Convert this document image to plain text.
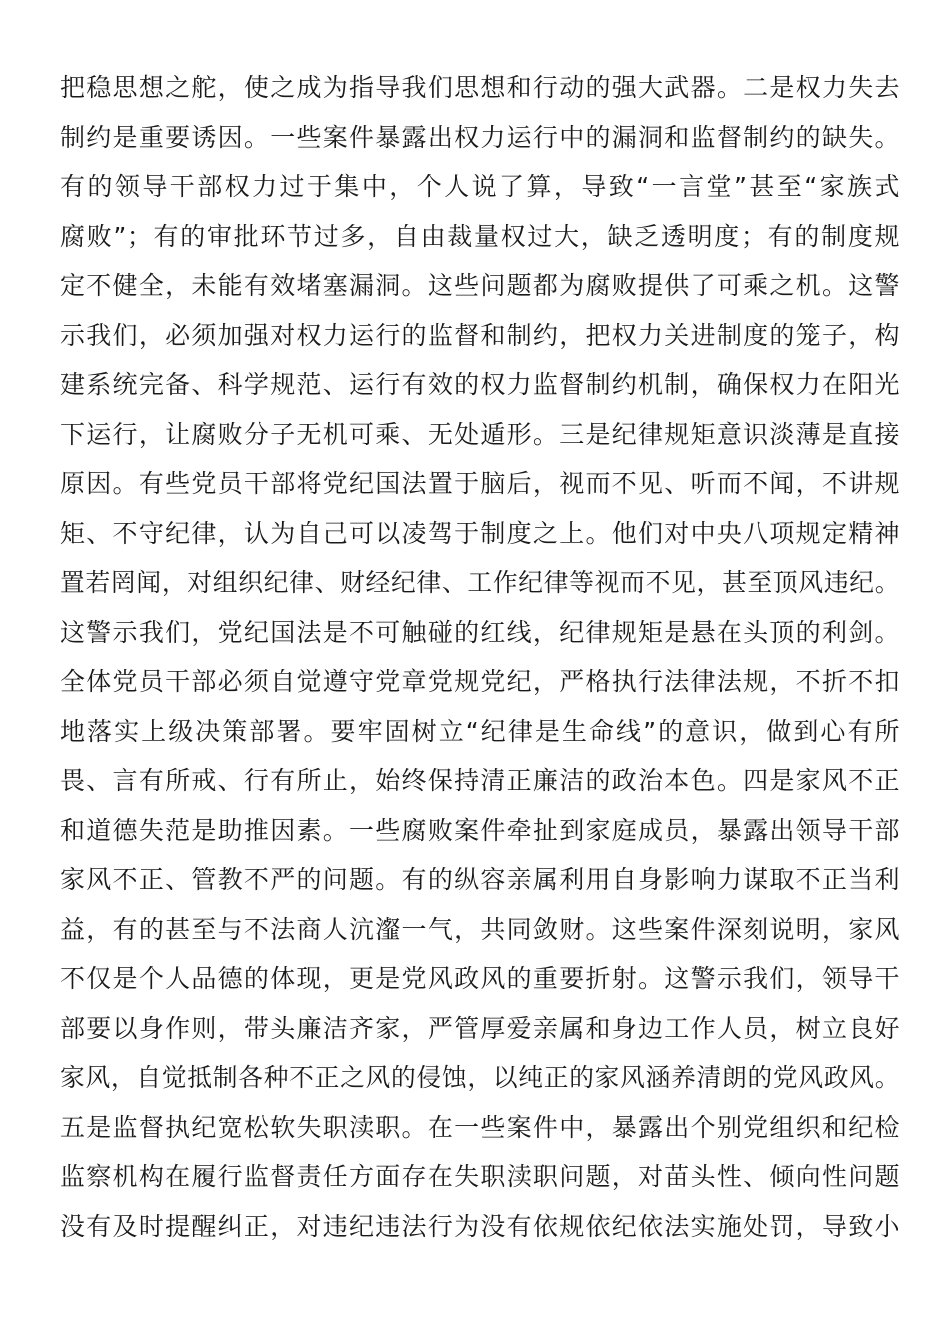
把稳思想之舵，使之成为指导我们思想和行动的强大武器。二是权力失去
制约是重要诱因。一些案件暴露出权力运行中的漏洞和监督制约的缺失。
有的领导干部权力过于集中，个人说了算，导致“一言堂”甚至“家族式
腐败”；有的审批环节过多，自由裁量权过大，缺乏透明度；有的制度规
定不健全，未能有效堵塞漏洞。这些问题都为腐败提供了可乘之机。这警
示我们，必须加强对权力运行的监督和制约，把权力关进制度的笼子，构
建系统完备、科学规范、运行有效的权力监督制约机制，确保权力在阳光
下运行，让腐败分子无机可乘、无处遁形。三是纪律规矩意识淡薄是直接
原因。有些党员干部将党纪国法置于脑后，视而不见、听而不闻，不讲规
矩、不守纪律，认为自己可以凌驾于制度之上。他们对中央八项规定精神
置若罔闻，对组织纪律、财经纪律、工作纪律等视而不见，甚至顶风违纪。
这警示我们，党纪国法是不可触碰的红线，纪律规矩是悬在头顶的利剑。
全体党员干部必须自觉遵守党章党规党纪，严格执行法律法规，不折不扣
地落实上级决策部署。要牢固树立“纪律是生命线”的意识，做到心有所
畏、言有所戒、行有所止，始终保持清正廉洁的政治本色。四是家风不正
和道德失范是助推因素。一些腐败案件牵扯到家庭成员，暴露出领导干部
家风不正、管教不严的问题。有的纵容亲属利用自身影响力谋取不正当利
益，有的甚至与不法商人沆瀣一气，共同敛财。这些案件深刻说明，家风
不仅是个人品德的体现，更是党风政风的重要折射。这警示我们，领导干
部要以身作则，带头廉洁齐家，严管厚爱亲属和身边工作人员，树立良好
家风，自觉抵制各种不正之风的侵蚀，以纯正的家风涵养清朗的党风政风。
五是监督执纪宽松软失职渎职。在一些案件中，暴露出个别党组织和纪检
监察机构在履行监督责任方面存在失职渎职问题，对苗头性、倾向性问题
没有及时提醒纠正，对违纪违法行为没有依规依纪依法实施处罚，导致小
